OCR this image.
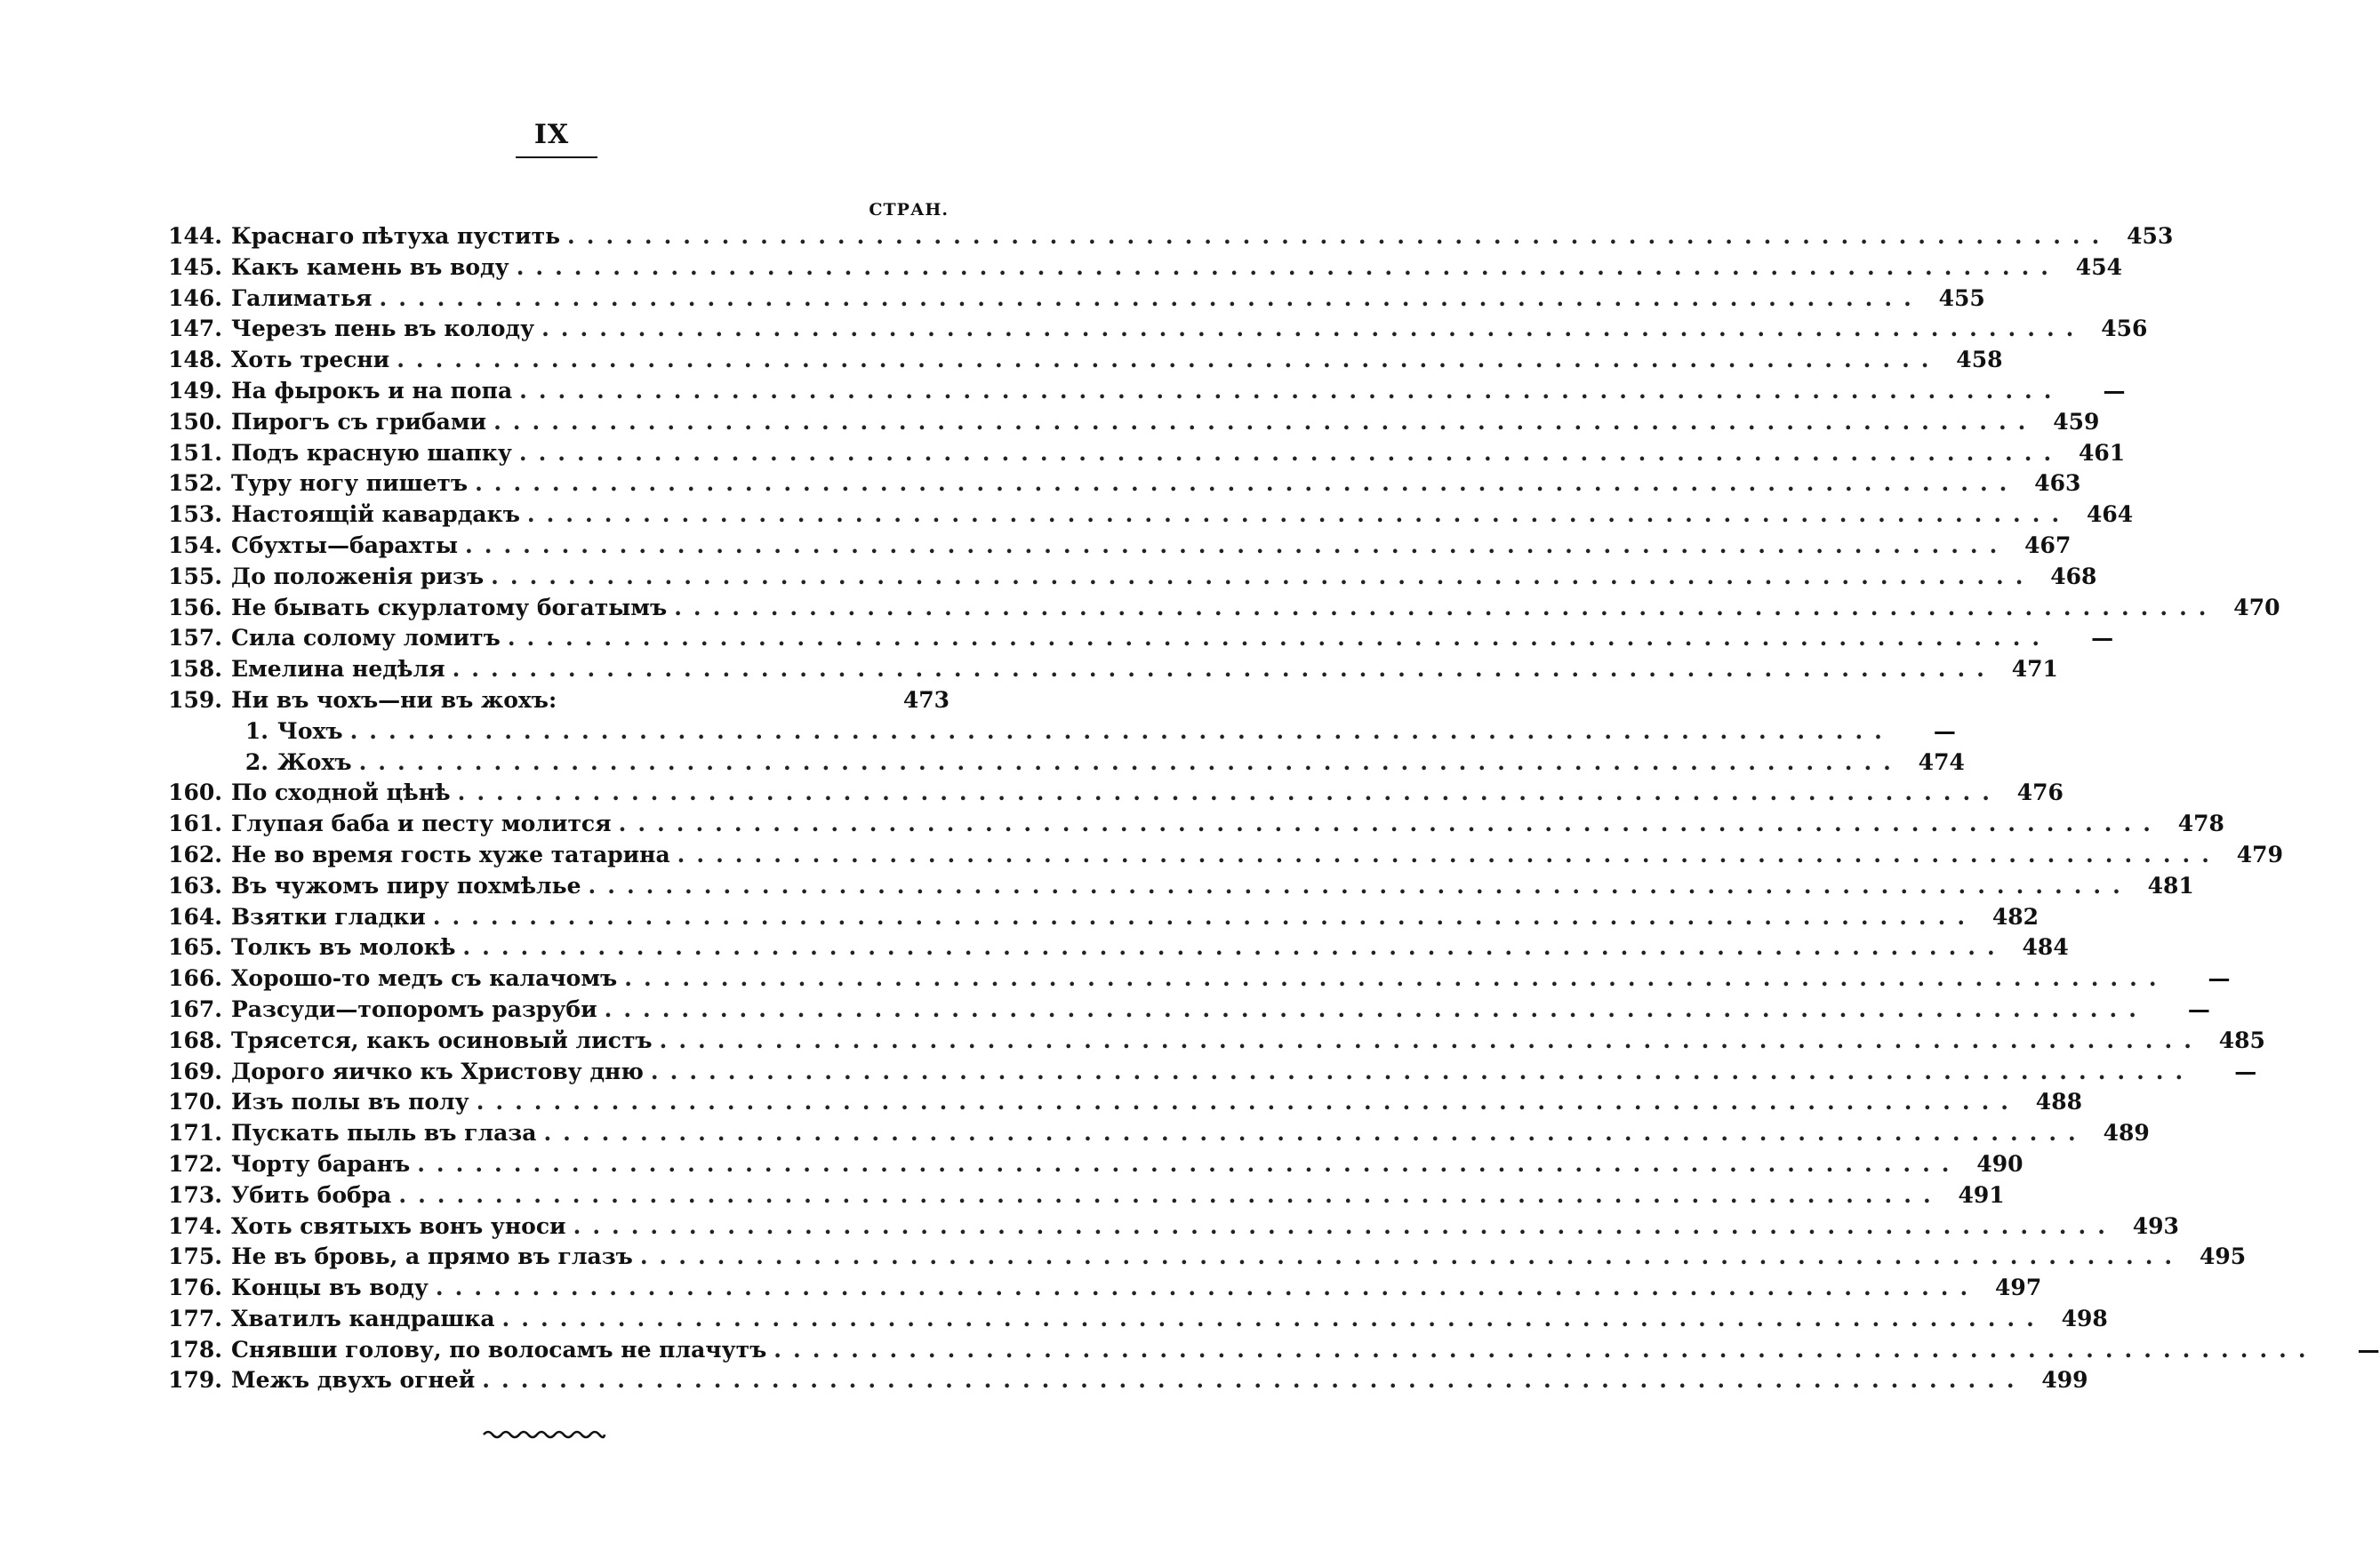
IX
СТРАН.
144. Краснаго пѣтуха пустить ................................................................................ 453
145. Какъ камень въ воду ................................................................................ 454
146. Галиматья ................................................................................ 455
147. Черезъ пень въ колоду ................................................................................ 456
148. Хоть тресни ................................................................................ 458
149. На фырокъ и на попа ................................................................................	—
150. Пирогъ съ грибами ................................................................................ 459
151. Подъ красную шапку ................................................................................ 461
152. Туру ногу пишетъ ................................................................................ 463
153. Настоящій кавардакъ ................................................................................ 464
154. Сбухты—барахты ................................................................................ 467
155. До положенія ризъ ................................................................................ 468
156. Не бывать скурлатому богатымъ ................................................................................ 470
157. Сила солому ломитъ ................................................................................	—
158. Емелина недѣля ................................................................................ 471
159. Ни въ чохъ—ни въ жохъ:	473
1. Чохъ ................................................................................	—
2. Жохъ ................................................................................ 474
160. По сходной цѣнѣ ................................................................................ 476
161. Глупая баба и песту молится ................................................................................ 478
162. Не во время гость хуже татарина ................................................................................ 479
163. Въ чужомъ пиру похмѣлье ................................................................................ 481
164. Взятки гладки ................................................................................ 482
165. Толкъ въ молокѣ ................................................................................ 484
166. Хорошо-то медъ съ калачомъ ................................................................................	—
167. Разсуди—топоромъ разруби ................................................................................	—
168. Трясется, какъ осиновый листъ ................................................................................ 485
169. Дорого яичко къ Христову дню ................................................................................	—
170. Изъ полы въ полу ................................................................................ 488
171. Пускать пыль въ глаза ................................................................................ 489
172. Чорту баранъ ................................................................................ 490
173. Убить бобра ................................................................................ 491
174. Хоть святыхъ вонъ уноси ................................................................................ 493
175. Не въ бровь, а прямо въ глазъ ................................................................................ 495
176. Концы въ воду ................................................................................ 497
177. Хватилъ кандрашка ................................................................................ 498
178. Снявши голову, по волосамъ не плачутъ ................................................................................	—
179. Межъ двухъ огней ................................................................................ 499
